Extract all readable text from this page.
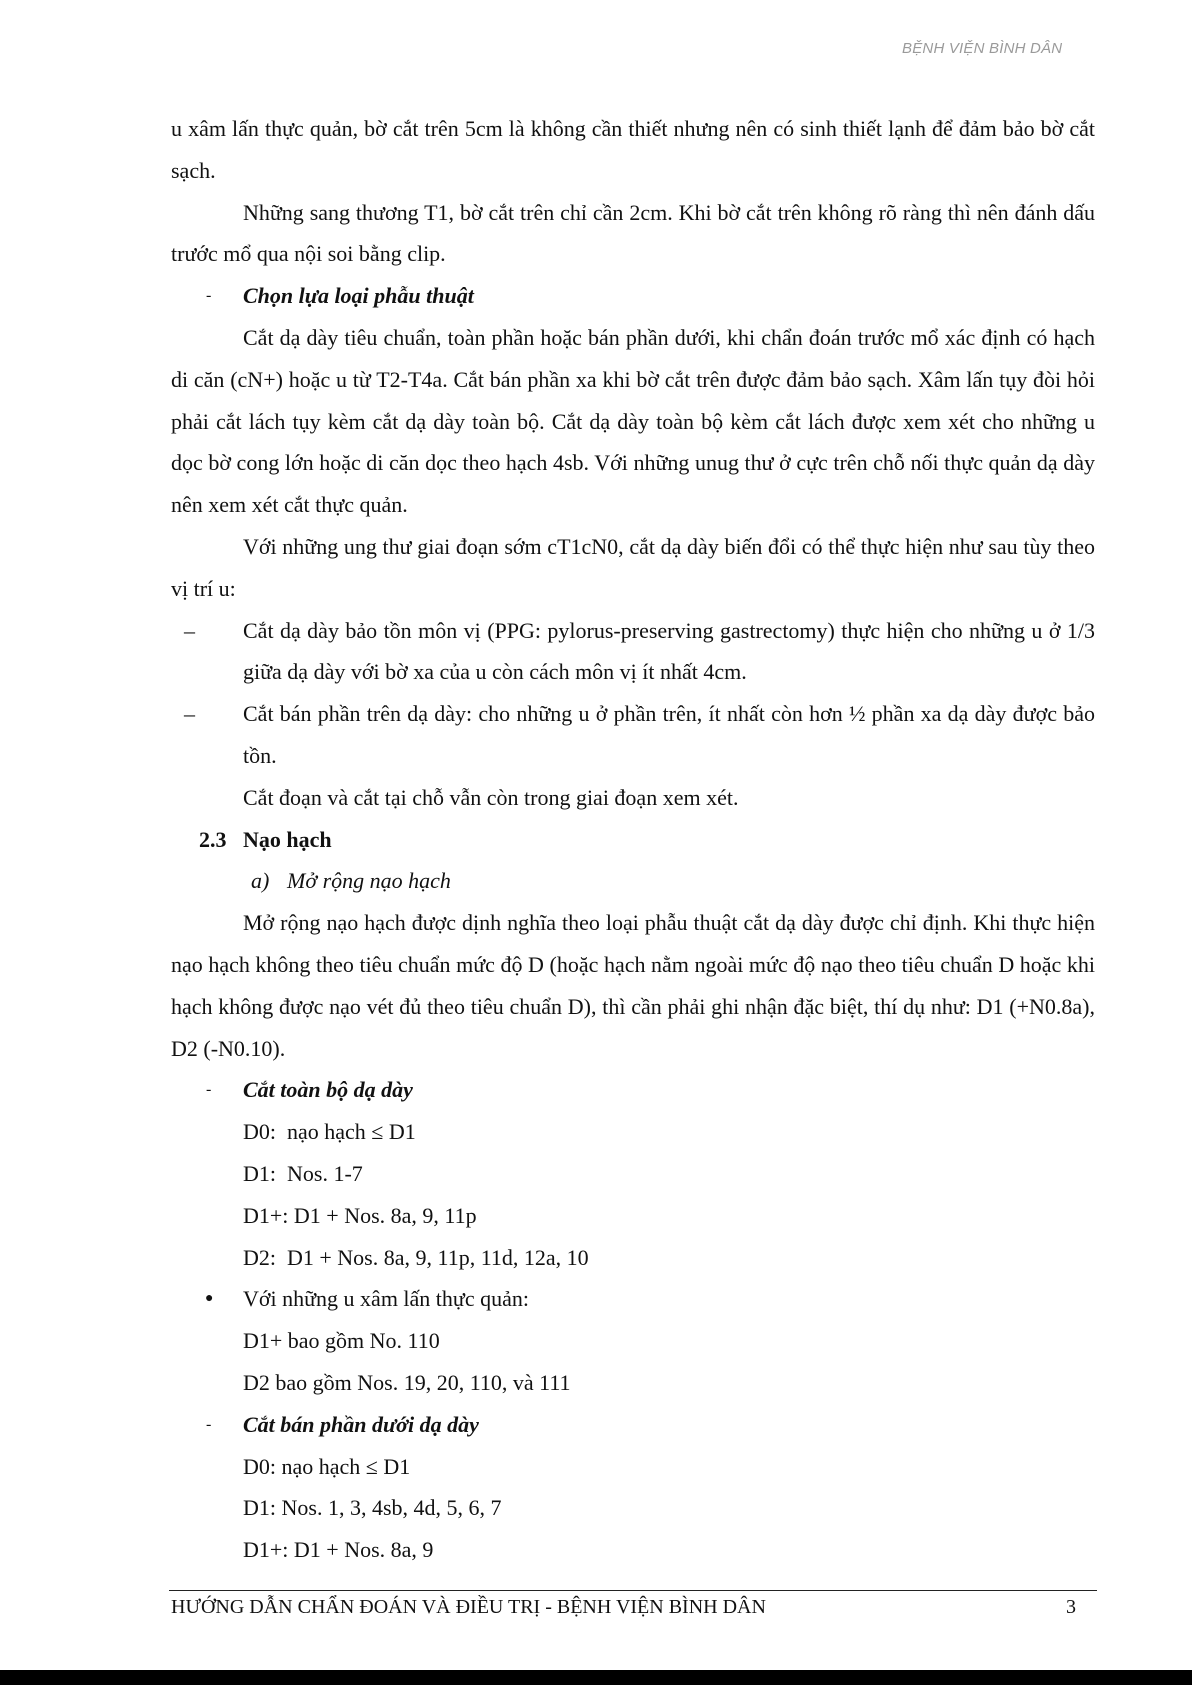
BỆNH VIỆN BÌNH DÂN

u xâm lấn thực quản, bờ cắt trên 5cm là không cần thiết nhưng nên có sinh thiết lạnh để đảm bảo bờ cắt sạch.

Những sang thương T1, bờ cắt trên chỉ cần 2cm. Khi bờ cắt trên không rõ ràng thì nên đánh dấu trước mổ qua nội soi bằng clip.

- Chọn lựa loại phẫu thuật

Cắt dạ dày tiêu chuẩn, toàn phần hoặc bán phần dưới, khi chẩn đoán trước mổ xác định có hạch di căn (cN+) hoặc u từ T2-T4a. Cắt bán phần xa khi bờ cắt trên được đảm bảo sạch. Xâm lấn tụy đòi hỏi phải cắt lách tụy kèm cắt dạ dày toàn bộ. Cắt dạ dày toàn bộ kèm cắt lách được xem xét cho những u dọc bờ cong lớn hoặc di căn dọc theo hạch 4sb. Với những unug thư ở cực trên chỗ nối thực quản dạ dày nên xem xét cắt thực quản.

Với những ung thư giai đoạn sớm cT1cN0, cắt dạ dày biến đổi có thể thực hiện như sau tùy theo vị trí u:

– Cắt dạ dày bảo tồn môn vị (PPG: pylorus-preserving gastrectomy) thực hiện cho những u ở 1/3 giữa dạ dày với bờ xa của u còn cách môn vị ít nhất 4cm.
– Cắt bán phần trên dạ dày: cho những u ở phần trên, ít nhất còn hơn ½ phần xa dạ dày được bảo tồn.

Cắt đoạn và cắt tại chỗ vẫn còn trong giai đoạn xem xét.

2.3 Nạo hạch
a) Mở rộng nạo hạch

Mở rộng nạo hạch được dịnh nghĩa theo loại phẫu thuật cắt dạ dày được chỉ định. Khi thực hiện nạo hạch không theo tiêu chuẩn mức độ D (hoặc hạch nằm ngoài mức độ nạo theo tiêu chuẩn D hoặc khi hạch không được nạo vét đủ theo tiêu chuẩn D), thì cần phải ghi nhận đặc biệt, thí dụ như: D1 (+N0.8a), D2 (-N0.10).

- Cắt toàn bộ dạ dày

D0:  nạo hạch ≤ D1

D1:  Nos. 1-7

D1+: D1 + Nos. 8a, 9, 11p

D2:  D1 + Nos. 8a, 9, 11p, 11d, 12a, 10

● Với những u xâm lấn thực quản:

D1+ bao gồm No. 110

D2 bao gồm Nos. 19, 20, 110, và 111

- Cắt bán phần dưới dạ dày

D0: nạo hạch ≤ D1

D1: Nos. 1, 3, 4sb, 4d, 5, 6, 7

D1+: D1 + Nos. 8a, 9

HƯỚNG DẪN CHẨN ĐOÁN VÀ ĐIỀU TRỊ - BỆNH VIỆN BÌNH DÂN	3
